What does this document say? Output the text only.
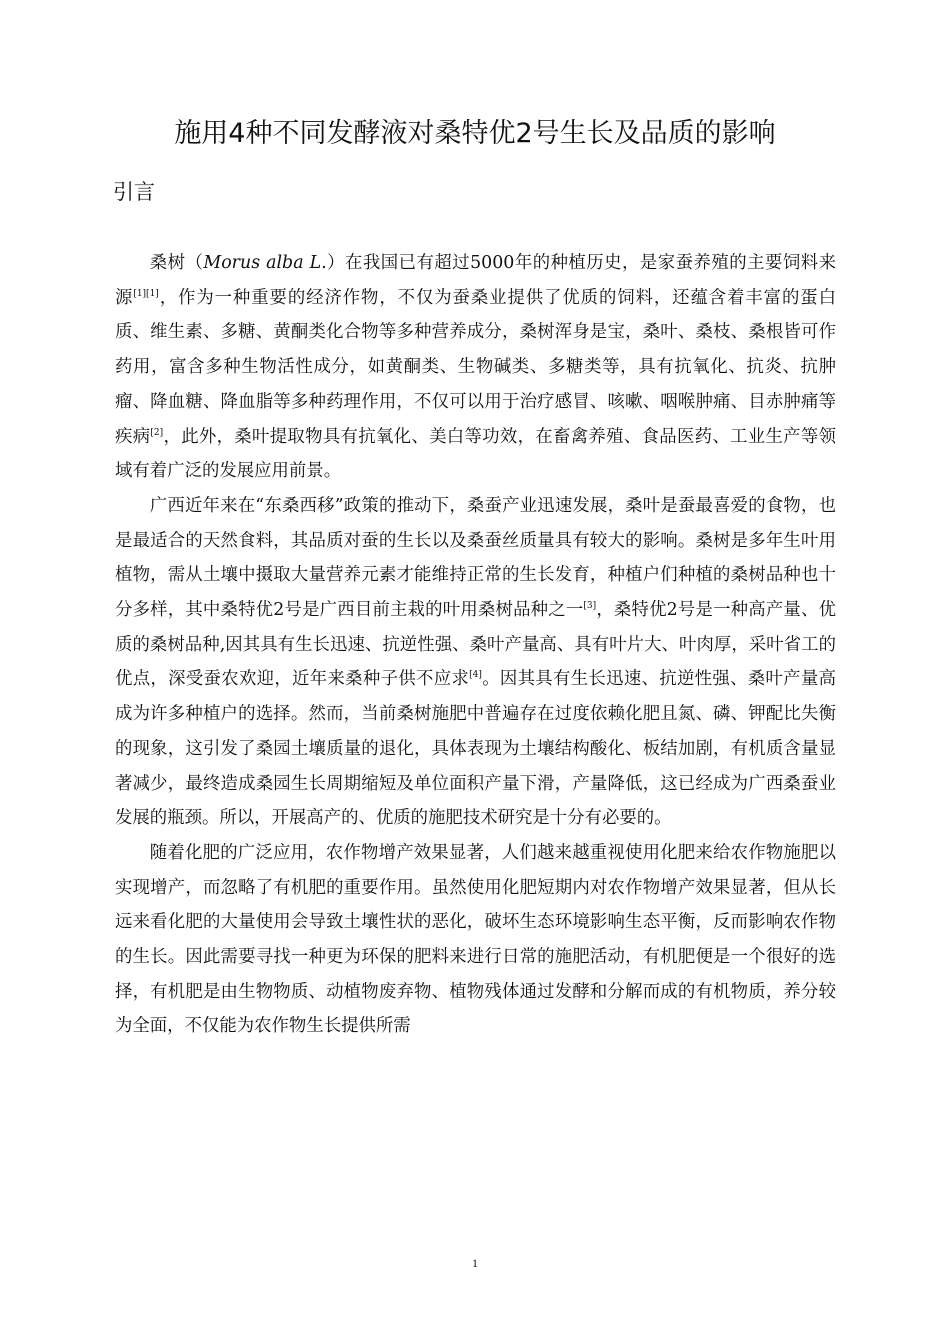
施用4种不同发酵液对桑特优2号生长及品质的影响
引言

桑树（Morus alba L.）在我国已有超过5000年的种植历史，是家蚕养殖的主要饲料来源[1][1]，作为一种重要的经济作物，不仅为蚕桑业提供了优质的饲料，还蕴含着丰富的蛋白质、维生素、多糖、黄酮类化合物等多种营养成分，桑树浑身是宝，桑叶、桑枝、桑根皆可作药用，富含多种生物活性成分，如黄酮类、生物碱类、多糖类等，具有抗氧化、抗炎、抗肿瘤、降血糖、降血脂等多种药理作用，不仅可以用于治疗感冒、咳嗽、咽喉肿痛、目赤肿痛等疾病[2]，此外，桑叶提取物具有抗氧化、美白等功效，在畜禽养殖、食品医药、工业生产等领域有着广泛的发展应用前景。

广西近年来在“东桑西移”政策的推动下，桑蚕产业迅速发展，桑叶是蚕最喜爱的食物，也是最适合的天然食料，其品质对蚕的生长以及桑蚕丝质量具有较大的影响。桑树是多年生叶用植物，需从土壤中摄取大量营养元素才能维持正常的生长发育，种植户们种植的桑树品种也十分多样，其中桑特优2号是广西目前主栽的叶用桑树品种之一[3]，桑特优2号是一种高产量、优质的桑树品种,因其具有生长迅速、抗逆性强、桑叶产量高、具有叶片大、叶肉厚，采叶省工的优点，深受蚕农欢迎，近年来桑种子供不应求[4]。因其具有生长迅速、抗逆性强、桑叶产量高成为许多种植户的选择。然而，当前桑树施肥中普遍存在过度依赖化肥且氮、磷、钾配比失衡的现象，这引发了桑园土壤质量的退化，具体表现为土壤结构酸化、板结加剧，有机质含量显著减少，最终造成桑园生长周期缩短及单位面积产量下滑，产量降低，这已经成为广西桑蚕业发展的瓶颈。所以，开展高产的、优质的施肥技术研究是十分有必要的。

随着化肥的广泛应用，农作物增产效果显著，人们越来越重视使用化肥来给农作物施肥以实现增产，而忽略了有机肥的重要作用。虽然使用化肥短期内对农作物增产效果显著，但从长远来看化肥的大量使用会导致土壤性状的恶化，破坏生态环境影响生态平衡，反而影响农作物的生长。因此需要寻找一种更为环保的肥料来进行日常的施肥活动，有机肥便是一个很好的选择，有机肥是由生物物质、动植物废弃物、植物残体通过发酵和分解而成的有机物质，养分较为全面，不仅能为农作物生长提供所需

1
